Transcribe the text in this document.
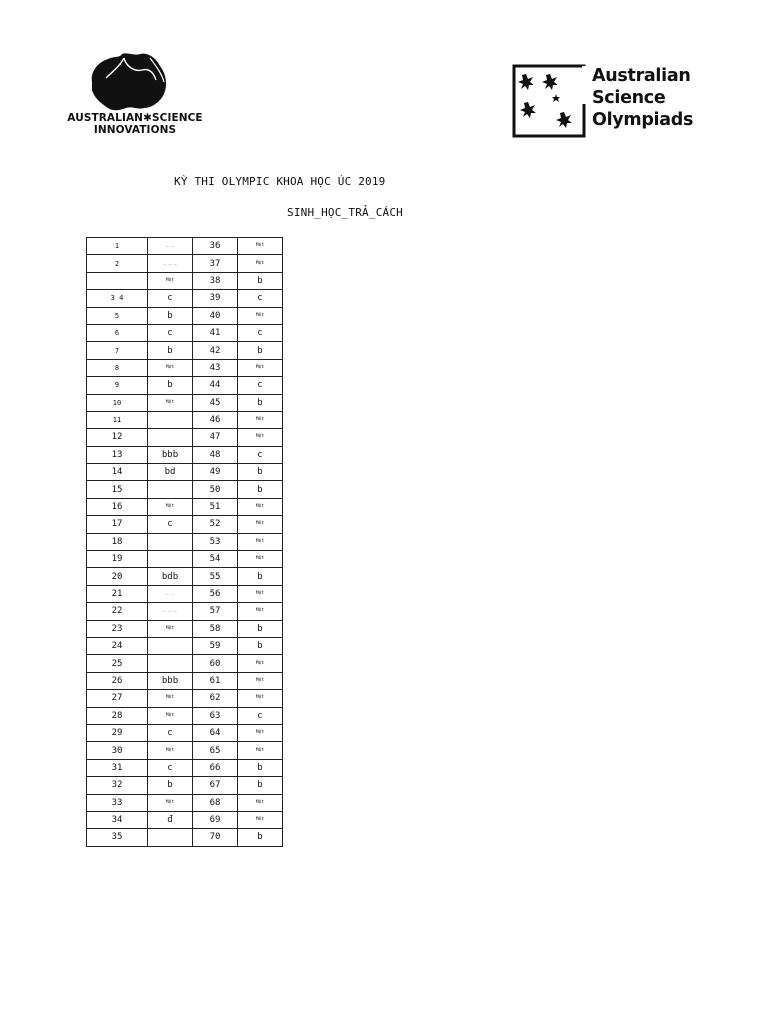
AUSTRALIAN✱SCIENCE
INNOVATIONS
Australian
Science
Olympiads
KỲ THI OLYMPIC KHOA HỌC ÚC 2019
SINH_HỌC_TRẢ_CÁCH
1	_ _	36	Một
2	_ _ _	37	Một
	Một	38	b
3 4	c	39	c
5	b	40	Một
6	c	41	c
7	b	42	b
8	Một	43	Một
9	b	44	c
10	Một	45	b
11		46	Một
12		47	Một
13	bbb	48	c
14	bd	49	b
15		50	b
16	Một	51	Một
17	c	52	Một
18		53	Một
19		54	Một
20	bdb	55	b
21	_ _	56	Một
22	_ _ _	57	Một
23	Một	58	b
24		59	b
25		60	Một
26	bbb	61	Một
27	Một	62	Một
28	Một	63	c
29	c	64	Một
30	Một	65	Một
31	c	66	b
32	b	67	b
33	Một	68	Một
34	đ	69	Một
35		70	b
